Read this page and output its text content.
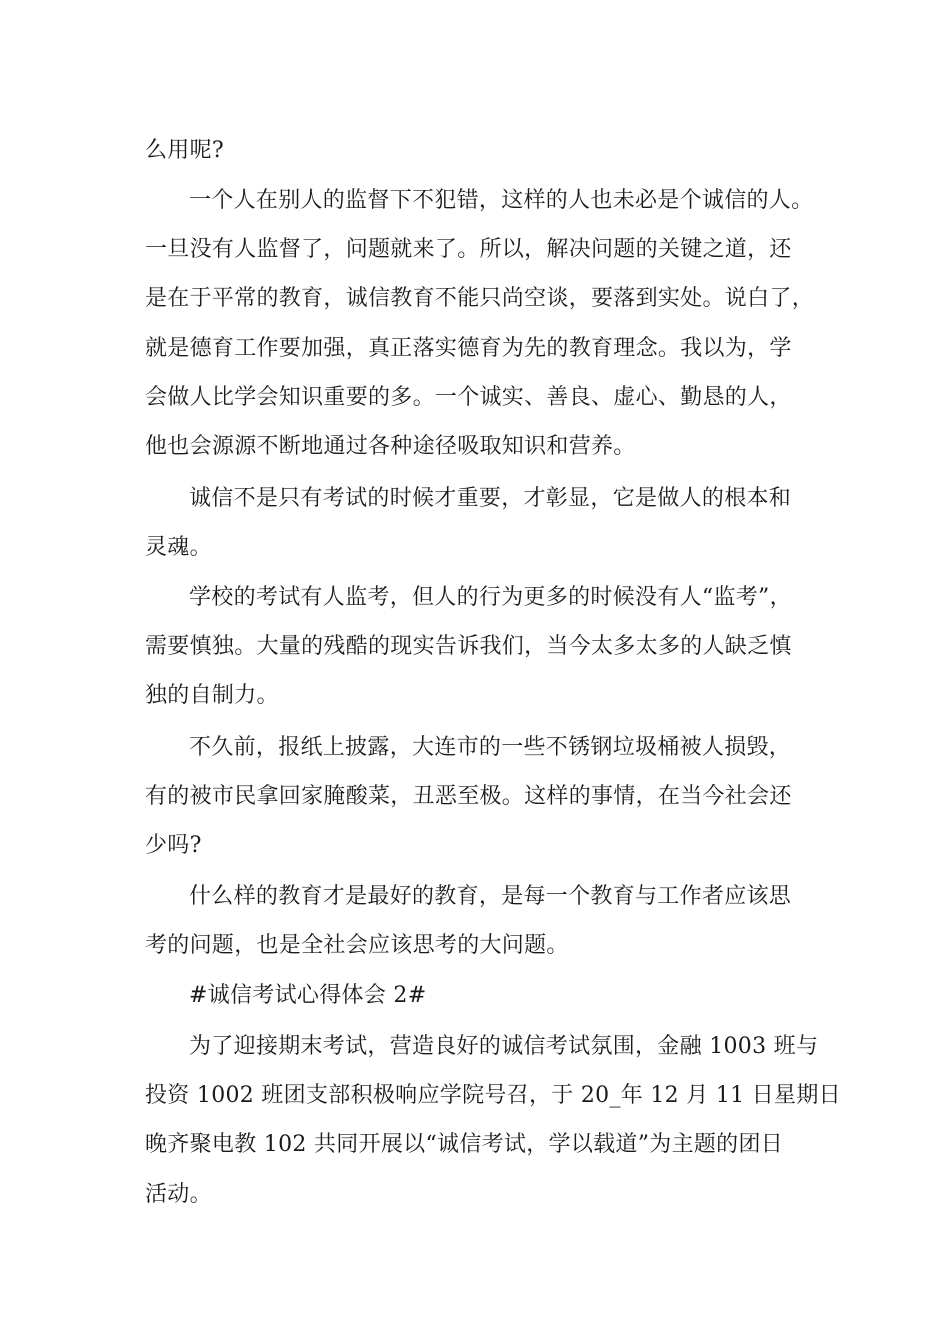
么用呢?
一个人在别人的监督下不犯错，这样的人也未必是个诚信的人。
一旦没有人监督了，问题就来了。所以，解决问题的关键之道，还
是在于平常的教育，诚信教育不能只尚空谈，要落到实处。说白了，
就是德育工作要加强，真正落实德育为先的教育理念。我以为，学
会做人比学会知识重要的多。一个诚实、善良、虚心、勤恳的人，
他也会源源不断地通过各种途径吸取知识和营养。
诚信不是只有考试的时候才重要，才彰显，它是做人的根本和
灵魂。
学校的考试有人监考，但人的行为更多的时候没有人“监考”，
需要慎独。大量的残酷的现实告诉我们，当今太多太多的人缺乏慎
独的自制力。
不久前，报纸上披露，大连市的一些不锈钢垃圾桶被人损毁，
有的被市民拿回家腌酸菜，丑恶至极。这样的事情，在当今社会还
少吗?
什么样的教育才是最好的教育，是每一个教育与工作者应该思
考的问题，也是全社会应该思考的大问题。
#诚信考试心得体会 2#
为了迎接期末考试，营造良好的诚信考试氛围，金融 1003 班与
投资 1002 班团支部积极响应学院号召，于 20_年 12 月 11 日星期日
晚齐聚电教 102 共同开展以“诚信考试，学以载道”为主题的团日
活动。
